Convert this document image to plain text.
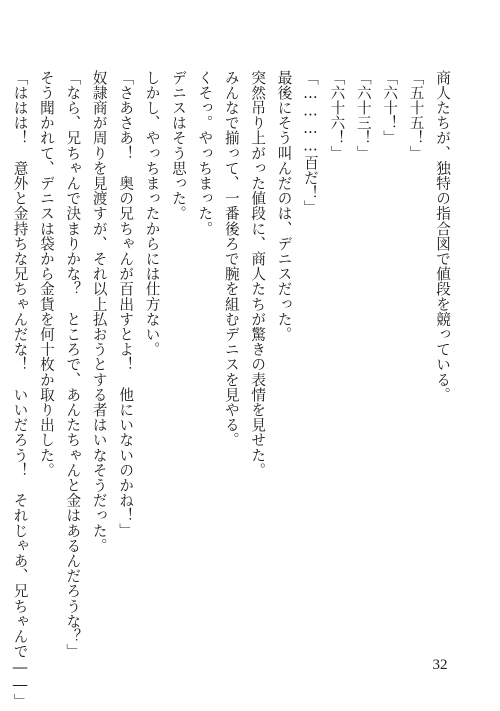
商人たちが、独特の指合図で値段を競っている。
「五十五！」
「六十！」
「六十三！」
「六十六！」
「…………百だ！」
最後にそう叫んだのは、デニスだった。
突然吊り上がった値段に、商人たちが驚きの表情を見せた。
みんなで揃って、一番後ろで腕を組むデニスを見やる。
くそっ。やっちまった。
デニスはそう思った。
しかし、やっちまったからには仕方ない。
「さあさあ！　奥の兄ちゃんが百出すとよ！　他にいないのかね！」
奴隷商が周りを見渡すが、それ以上払おうとする者はいなそうだった。
「なら、兄ちゃんで決まりかな？　ところで、あんたちゃんと金はあるんだろうな？」
そう聞かれて、デニスは袋から金貨を何十枚か取り出した。
「ははは！　意外と金持ちな兄ちゃんだな！　いいだろう！　それじゃあ、兄ちゃんで――」	32
